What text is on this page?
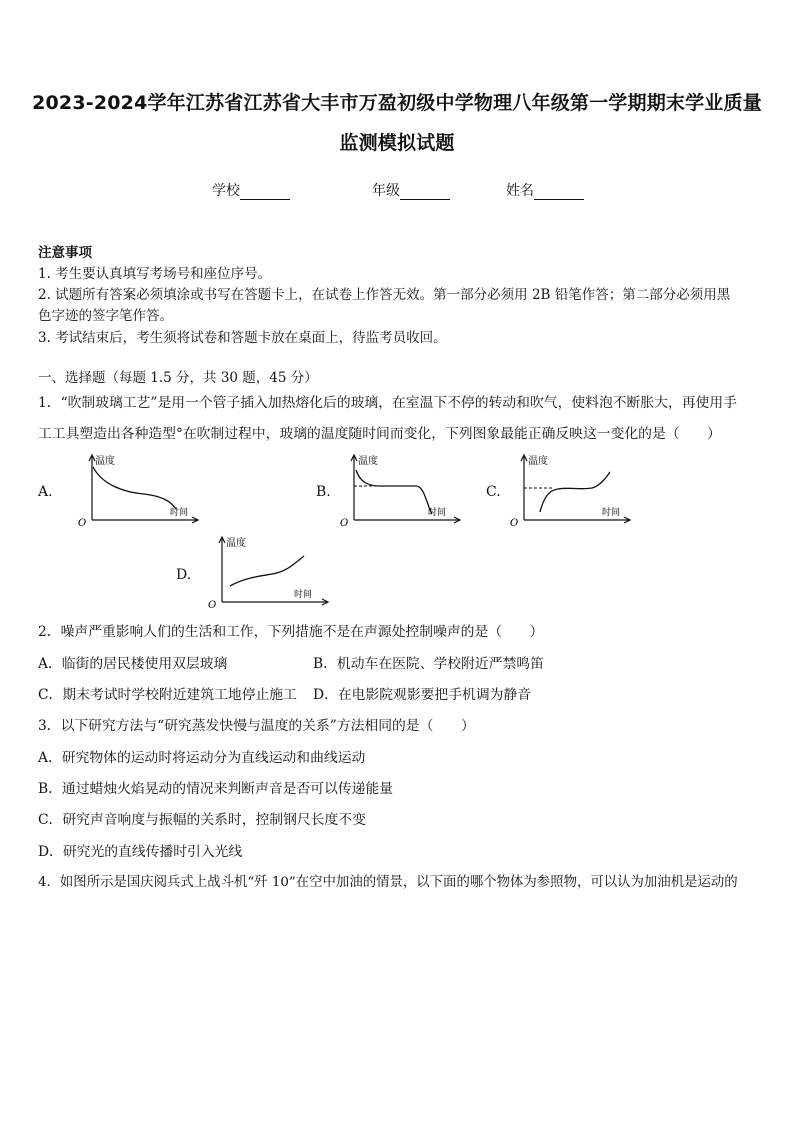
2023-2024学年江苏省江苏省大丰市万盈初级中学物理八年级第一学期期末学业质量
监测模拟试题
学校	年级	姓名
注意事项
1. 考生要认真填写考场号和座位序号。
2. 试题所有答案必须填涂或书写在答题卡上，在试卷上作答无效。第一部分必须用 2B 铅笔作答；第二部分必须用黑
色字迹的签字笔作答。
3. 考试结束后，考生须将试卷和答题卡放在桌面上，待监考员收回。
一、选择题（每题 1.5 分，共 30 题，45 分）
1．“吹制玻璃工艺”是用一个管子插入加热熔化后的玻璃，在室温下不停的转动和吹气，使料泡不断胀大，再使用手
工工具塑造出各种造型°在吹制过程中，玻璃的温度随时间而变化，下列图象最能正确反映这一变化的是（　　）
A.	B.	C.
D.
温度
时间
O
温度
时间
O
温度
时间
O
温度
时间
O
2．噪声严重影响人们的生活和工作，下列措施不是在声源处控制噪声的是（　　）
A．临街的居民楼使用双层玻璃	B．机动车在医院、学校附近严禁鸣笛
C．期末考试时学校附近建筑工地停止施工 D．在电影院观影要把手机调为静音
3．以下研究方法与“研究蒸发快慢与温度的关系”方法相同的是（　　）
A．研究物体的运动时将运动分为直线运动和曲线运动
B．通过蜡烛火焰晃动的情况来判断声音是否可以传递能量
C．研究声音响度与振幅的关系时，控制钢尺长度不变
D．研究光的直线传播时引入光线
4．如图所示是国庆阅兵式上战斗机“歼 10”在空中加油的情景，以下面的哪个物体为参照物，可以认为加油机是运动的
